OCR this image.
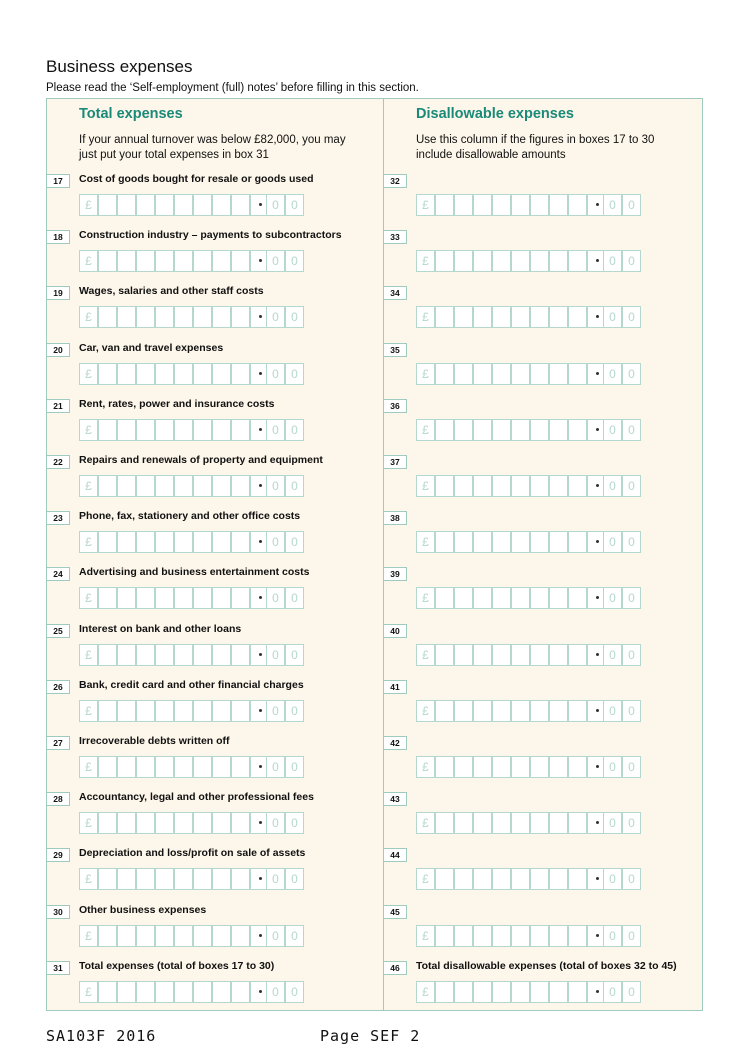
Business expenses
Please read the ‘Self-employment (full) notes’ before filling in this section.
Total expenses
If your annual turnover was below £82,000, you may
just put your total expenses in box 31
Disallowable expenses
Use this column if the figures in boxes 17 to 30
include disallowable amounts
17	Cost of goods bought for resale or goods used	32
£	0	0	£	0	0
18	Construction industry – payments to subcontractors	33
£	0	0	£	0	0
19	Wages, salaries and other staff costs	34
£	0	0	£	0	0
20	Car, van and travel expenses	35
£	0	0	£	0	0
21	Rent, rates, power and insurance costs	36
£	0	0	£	0	0
22	Repairs and renewals of property and equipment	37
£	0	0	£	0	0
23	Phone, fax, stationery and other office costs	38
£	0	0	£	0	0
24	Advertising and business entertainment costs	39
£	0	0	£	0	0
25	Interest on bank and other loans	40
£	0	0	£	0	0
26	Bank, credit card and other financial charges	41
£	0	0	£	0	0
27	Irrecoverable debts written off	42
£	0	0	£	0	0
28	Accountancy, legal and other professional fees	43
£	0	0	£	0	0
29	Depreciation and loss/profit on sale of assets	44
£	0	0	£	0	0
30	Other business expenses	45
£	0	0	£	0	0
31	Total expenses (total of boxes 17 to 30)	46	Total disallowable expenses (total of boxes 32 to 45)
£	0	0	£	0	0
SA103F 2016	Page SEF 2
